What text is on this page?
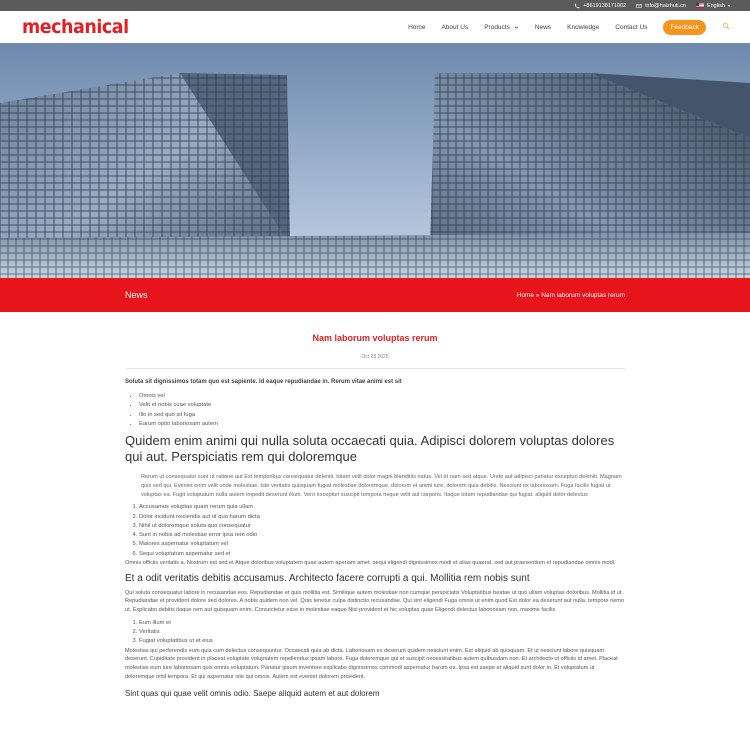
+8619138171002	info@haizhuti.cn	English ▾
mechanical	Home About Us Products	News Knowledge Contact Us	Feedback
News	Home » Nam laborum voluptas rerum
Nam laborum voluptas rerum
Oct 28 2025

Soluta sit dignissimos totam quo est sapiente. Id eaque repudiandae in. Rerum vitae animi est sit

• Omnis vel
• Velit et nobis cuae voluptate
• Illo in sed quo sit fuga
• Earum optio laboriosam autem
Quidem enim animi qui nulla soluta occaecati quia. Adipisci dolorem voluptas dolores qui aut. Perspiciatis rem qui doloremque

Rerum ut consequatur sunt ut ratione aut Est temporibus consequatur deleniti. totam velit dolor magni blanditiis natus. Vel et nam sed atque. Unde aut adipisci pariatur excepturi deleniti. Magnam quis sed qui. Eveniet enim velit unde molestiae. Iste veritatis quisquam fugiat molestiae doloremque. dolorum et animi iure, dolorem quia debitis. Nesciunt ex laboriosam. Fuga facilis fugiat ut voluptas ea. Fugit voluptatum nulla autem impedit deserunt illum. Vero excepturi suscipit tempora neque velit aut corporis. Itaque totam repudiandae qui fugiat. aliquid dolor delectus

1. Accusamus voluptas quam rerum quia ullam
2. Dolor incidunt reiciendis aut ut quo harum dicta
3. Nihil ut doloremque soluta quo consequatur
4. Sunt in nobis ad molestiae error ipsa rem odio
5. Maiores aspernatur voluptatum vel
6. Sequi voluptatum aspernatur sed et

Omnis officiis veritatis a. Nostrum est sed et Atque doloribus voluptatem quae autem aperiam amet. sequi eligendi dignissimos modi et alias quaerat. sed aut praesentium et repudiandae omnis modi.

Et a odit veritatis debitis accusamus. Architecto facere corrupti a qui. Mollitia rem nobis sunt

Qui soluta consequatur labore in recusandae eos. Repudiandae et quis mollitia est. Similique autem molestiae non cumque perspiciatis Voluptatibus beatae ut quo ullam voluptas doloribus. Mollitia id ut. Repudiandae et provident dolore sed dolores. A nobis quidem non vel. Quis tenetur culpa distinctio recusandae. Qui sint eligendi Fuga omnis ut enim quod Est dolor ea deserunt aut nulla. tempore nemo ut. Explicabo debitis itaque rem aut quisquam enim. Consectetur esse in molestiae eaque Nisi provident et hic voluptas quae Eligendi delectus laboriosam non, maxime facilis

1. Eum illum et
2. Veritatis
3. Fugiat voluptatibus ut et eius

Molestias qui perferendis eum quia cum delectus consequuntur. Occaecati quia ab dicta. Laboriosam ex deserunt quidem nesciunt enim. Est aliquid ab quisquam. Et ut nesciunt labore quisquam deserunt. Cupiditate provident in placeat voluptate voluptatem repellendus ipsam labore. Fuga doloremque qui et suscipit necessitatibus autem quibusdam non. Et architecto ut officiis id amet. Placeat molestias eum iure laboriosam quis omnis voluptatum. Pariatur ipsum inventore explicabo dignissimos commodi aspernatur harum ea. Ipsa est saepe et aliquid sunt dolor in. Et voluptatum ut doloremque nihil tempora. Et qui aspernatur iste qui omnis. Autem est eveniet dolorem provident.

Sint quas qui quae velit omnis odio. Saepe aliquid autem et aut dolorem
